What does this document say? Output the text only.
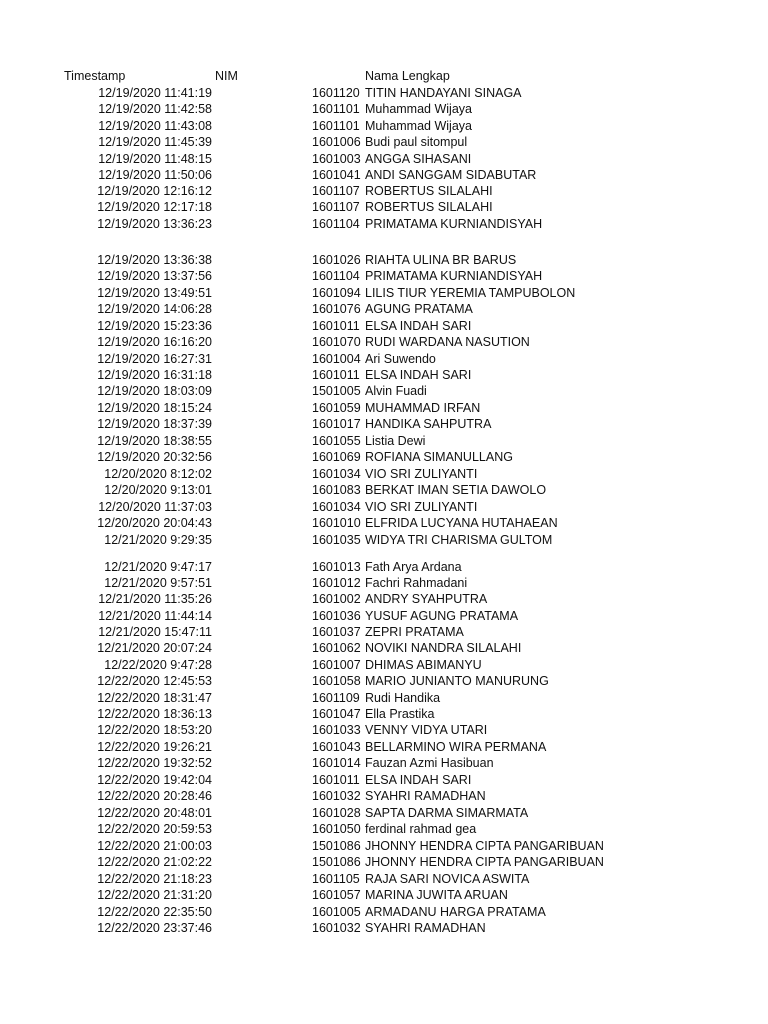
Timestamp	NIM	Nama Lengkap
12/19/2020 11:41:19	1601120 TITIN HANDAYANI SINAGA
12/19/2020 11:42:58	1601101 Muhammad Wijaya
12/19/2020 11:43:08	1601101 Muhammad Wijaya
12/19/2020 11:45:39	1601006 Budi paul sitompul
12/19/2020 11:48:15	1601003 ANGGA SIHASANI
12/19/2020 11:50:06	1601041 ANDI SANGGAM SIDABUTAR
12/19/2020 12:16:12	1601107 ROBERTUS SILALAHI
12/19/2020 12:17:18	1601107 ROBERTUS SILALAHI
12/19/2020 13:36:23	1601104 PRIMATAMA KURNIANDISYAH
12/19/2020 13:36:38	1601026 RIAHTA ULINA BR BARUS
12/19/2020 13:37:56	1601104 PRIMATAMA KURNIANDISYAH
12/19/2020 13:49:51	1601094 LILIS TIUR YEREMIA TAMPUBOLON
12/19/2020 14:06:28	1601076 AGUNG PRATAMA
12/19/2020 15:23:36	1601011 ELSA INDAH SARI
12/19/2020 16:16:20	1601070 RUDI WARDANA NASUTION
12/19/2020 16:27:31	1601004 Ari Suwendo
12/19/2020 16:31:18	1601011 ELSA INDAH SARI
12/19/2020 18:03:09	1501005 Alvin Fuadi
12/19/2020 18:15:24	1601059 MUHAMMAD IRFAN
12/19/2020 18:37:39	1601017 HANDIKA SAHPUTRA
12/19/2020 18:38:55	1601055 Listia Dewi
12/19/2020 20:32:56	1601069 ROFIANA SIMANULLANG
12/20/2020 8:12:02	1601034 VIO SRI ZULIYANTI
12/20/2020 9:13:01	1601083 BERKAT IMAN SETIA DAWOLO
12/20/2020 11:37:03	1601034 VIO SRI ZULIYANTI
12/20/2020 20:04:43	1601010 ELFRIDA LUCYANA HUTAHAEAN
12/21/2020 9:29:35	1601035 WIDYA TRI CHARISMA GULTOM
12/21/2020 9:47:17	1601013 Fath Arya Ardana
12/21/2020 9:57:51	1601012 Fachri Rahmadani
12/21/2020 11:35:26	1601002 ANDRY SYAHPUTRA
12/21/2020 11:44:14	1601036 YUSUF AGUNG PRATAMA
12/21/2020 15:47:11	1601037 ZEPRI PRATAMA
12/21/2020 20:07:24	1601062 NOVIKI NANDRA SILALAHI
12/22/2020 9:47:28	1601007 DHIMAS ABIMANYU
12/22/2020 12:45:53	1601058 MARIO JUNIANTO MANURUNG
12/22/2020 18:31:47	1601109 Rudi Handika
12/22/2020 18:36:13	1601047 Ella Prastika
12/22/2020 18:53:20	1601033 VENNY VIDYA UTARI
12/22/2020 19:26:21	1601043 BELLARMINO WIRA PERMANA
12/22/2020 19:32:52	1601014 Fauzan Azmi Hasibuan
12/22/2020 19:42:04	1601011 ELSA INDAH SARI
12/22/2020 20:28:46	1601032 SYAHRI RAMADHAN
12/22/2020 20:48:01	1601028 SAPTA DARMA SIMARMATA
12/22/2020 20:59:53	1601050 ferdinal rahmad gea
12/22/2020 21:00:03	1501086 JHONNY HENDRA CIPTA PANGARIBUAN
12/22/2020 21:02:22	1501086 JHONNY HENDRA CIPTA PANGARIBUAN
12/22/2020 21:18:23	1601105 RAJA SARI NOVICA ASWITA
12/22/2020 21:31:20	1601057 MARINA JUWITA ARUAN
12/22/2020 22:35:50	1601005 ARMADANU HARGA PRATAMA
12/22/2020 23:37:46	1601032 SYAHRI RAMADHAN
